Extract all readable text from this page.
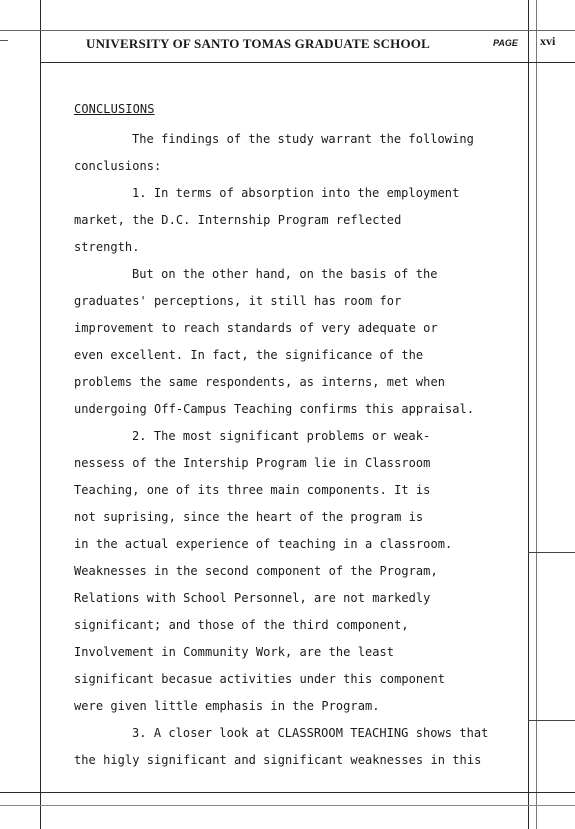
UNIVERSITY OF SANTO TOMAS GRADUATE SCHOOL	PAGE xvi
CONCLUSIONS
The findings of the study warrant the following
conclusions:
1. In terms of absorption into the employment
market, the D.C. Internship Program reflected
strength.
But on the other hand, on the basis of the
graduates' perceptions, it still has room for
improvement to reach standards of very adequate or
even excellent. In fact, the significance of the
problems the same respondents, as interns, met when
undergoing Off-Campus Teaching confirms this appraisal.
2. The most significant problems or weak-
nessess of the Intership Program lie in Classroom
Teaching, one of its three main components. It is
not suprising, since the heart of the program is
in the actual experience of teaching in a classroom.
Weaknesses in the second component of the Program,
Relations with School Personnel, are not markedly
significant; and those of the third component,
Involvement in Community Work, are the least
significant becasue activities under this component
were given little emphasis in the Program.
3. A closer look at CLASSROOM TEACHING shows that
the higly significant and significant weaknesses in this
